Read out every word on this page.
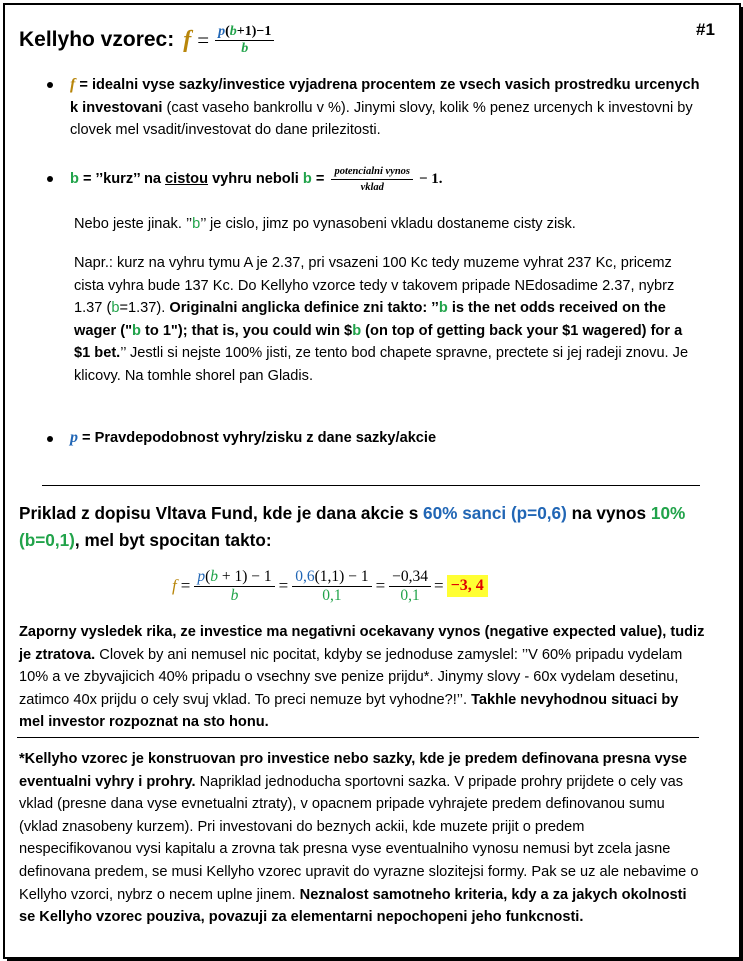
#1
Kellyho vzorec: $f = \frac{p(b+1)-1}{b}$
f = idealni vyse sazky/investice vyjadrena procentem ze vsech vasich prostredku urcenych k investovani (cast vaseho bankrollu v %). Jinymi slovy, kolik % penez urcenych k investovni by clovek mel vsadit/investovat do dane prilezitosti.
b = ’’kurz’’ na cistou vyhru neboli $b = \frac{\text{potencialni vynos}}{\text{vklad}} - 1$.
Nebo jeste jinak. ’’b’’ je cislo, jimz po vynasobeni vkladu dostaneme cisty zisk.
Napr.: kurz na vyhru tymu A je 2.37, pri vsazeni 100 Kc tedy muzeme vyhrat 237 Kc, pricemz cista vyhra bude 137 Kc. Do Kellyho vzorce tedy v takovem pripade NEdosadime 2.37, nybrz 1.37 (b=1.37). Originalni anglicka definice zni takto: ’’b is the net odds received on the wager ("b to 1"); that is, you could win $b (on top of getting back your $1 wagered) for a $1 bet.’’ Jestli si nejste 100% jisti, ze tento bod chapete spravne, prectete si jej radeji znovu. Je klicovy. Na tomhle shorel pan Gladis.
p = Pravdepodobnost vyhry/zisku z dane sazky/akcie
Priklad z dopisu Vltava Fund, kde je dana akcie s 60% sanci (p=0,6) na vynos 10% (b=0,1), mel byt spocitan takto:
$f = \frac{p(b + 1) - 1}{b} = \frac{0,6(1,1) - 1}{0,1} = \frac{-0,34}{0,1} = -3$, 4
Zaporny vysledek rika, ze investice ma negativni ocekavany vynos (negative expected value), tudiz je ztratova. Clovek by ani nemusel nic pocitat, kdyby se jednoduse zamyslel: ’’V 60% pripadu vydelam 10% a ve zbyvajicich 40% pripadu o vsechny sve penize prijdu*. Jinymy slovy - 60x vydelam desetinu, zatimco 40x prijdu o cely svuj vklad. To preci nemuze byt vyhodne?!’’. Takhle nevyhodnou situaci by mel investor rozpoznat na sto honu.
*Kellyho vzorec je konstruovan pro investice nebo sazky, kde je predem definovana presna vyse eventualni vyhry i prohry. Napriklad jednoducha sportovni sazka. V pripade prohry prijdete o cely vas vklad (presne dana vyse evnetualni ztraty), v opacnem pripade vyhrajete predem definovanou sumu (vklad znasobeny kurzem). Pri investovani do beznych ackii, kde muzete prijit o predem nespecifikovanou vysi kapitalu a zrovna tak presna vyse eventualniho vynosu nemusi byt zcela jasne definovana predem, se musi Kellyho vzorec upravit do vyrazne slozitejsi formy. Pak se uz ale nebavime o Kellyho vzorci, nybrz o necem uplne jinem. Neznalost samotneho kriteria, kdy a za jakych okolnosti se Kellyho vzorec pouziva, povazuji za elementarni nepochopeni jeho funkcnosti.
